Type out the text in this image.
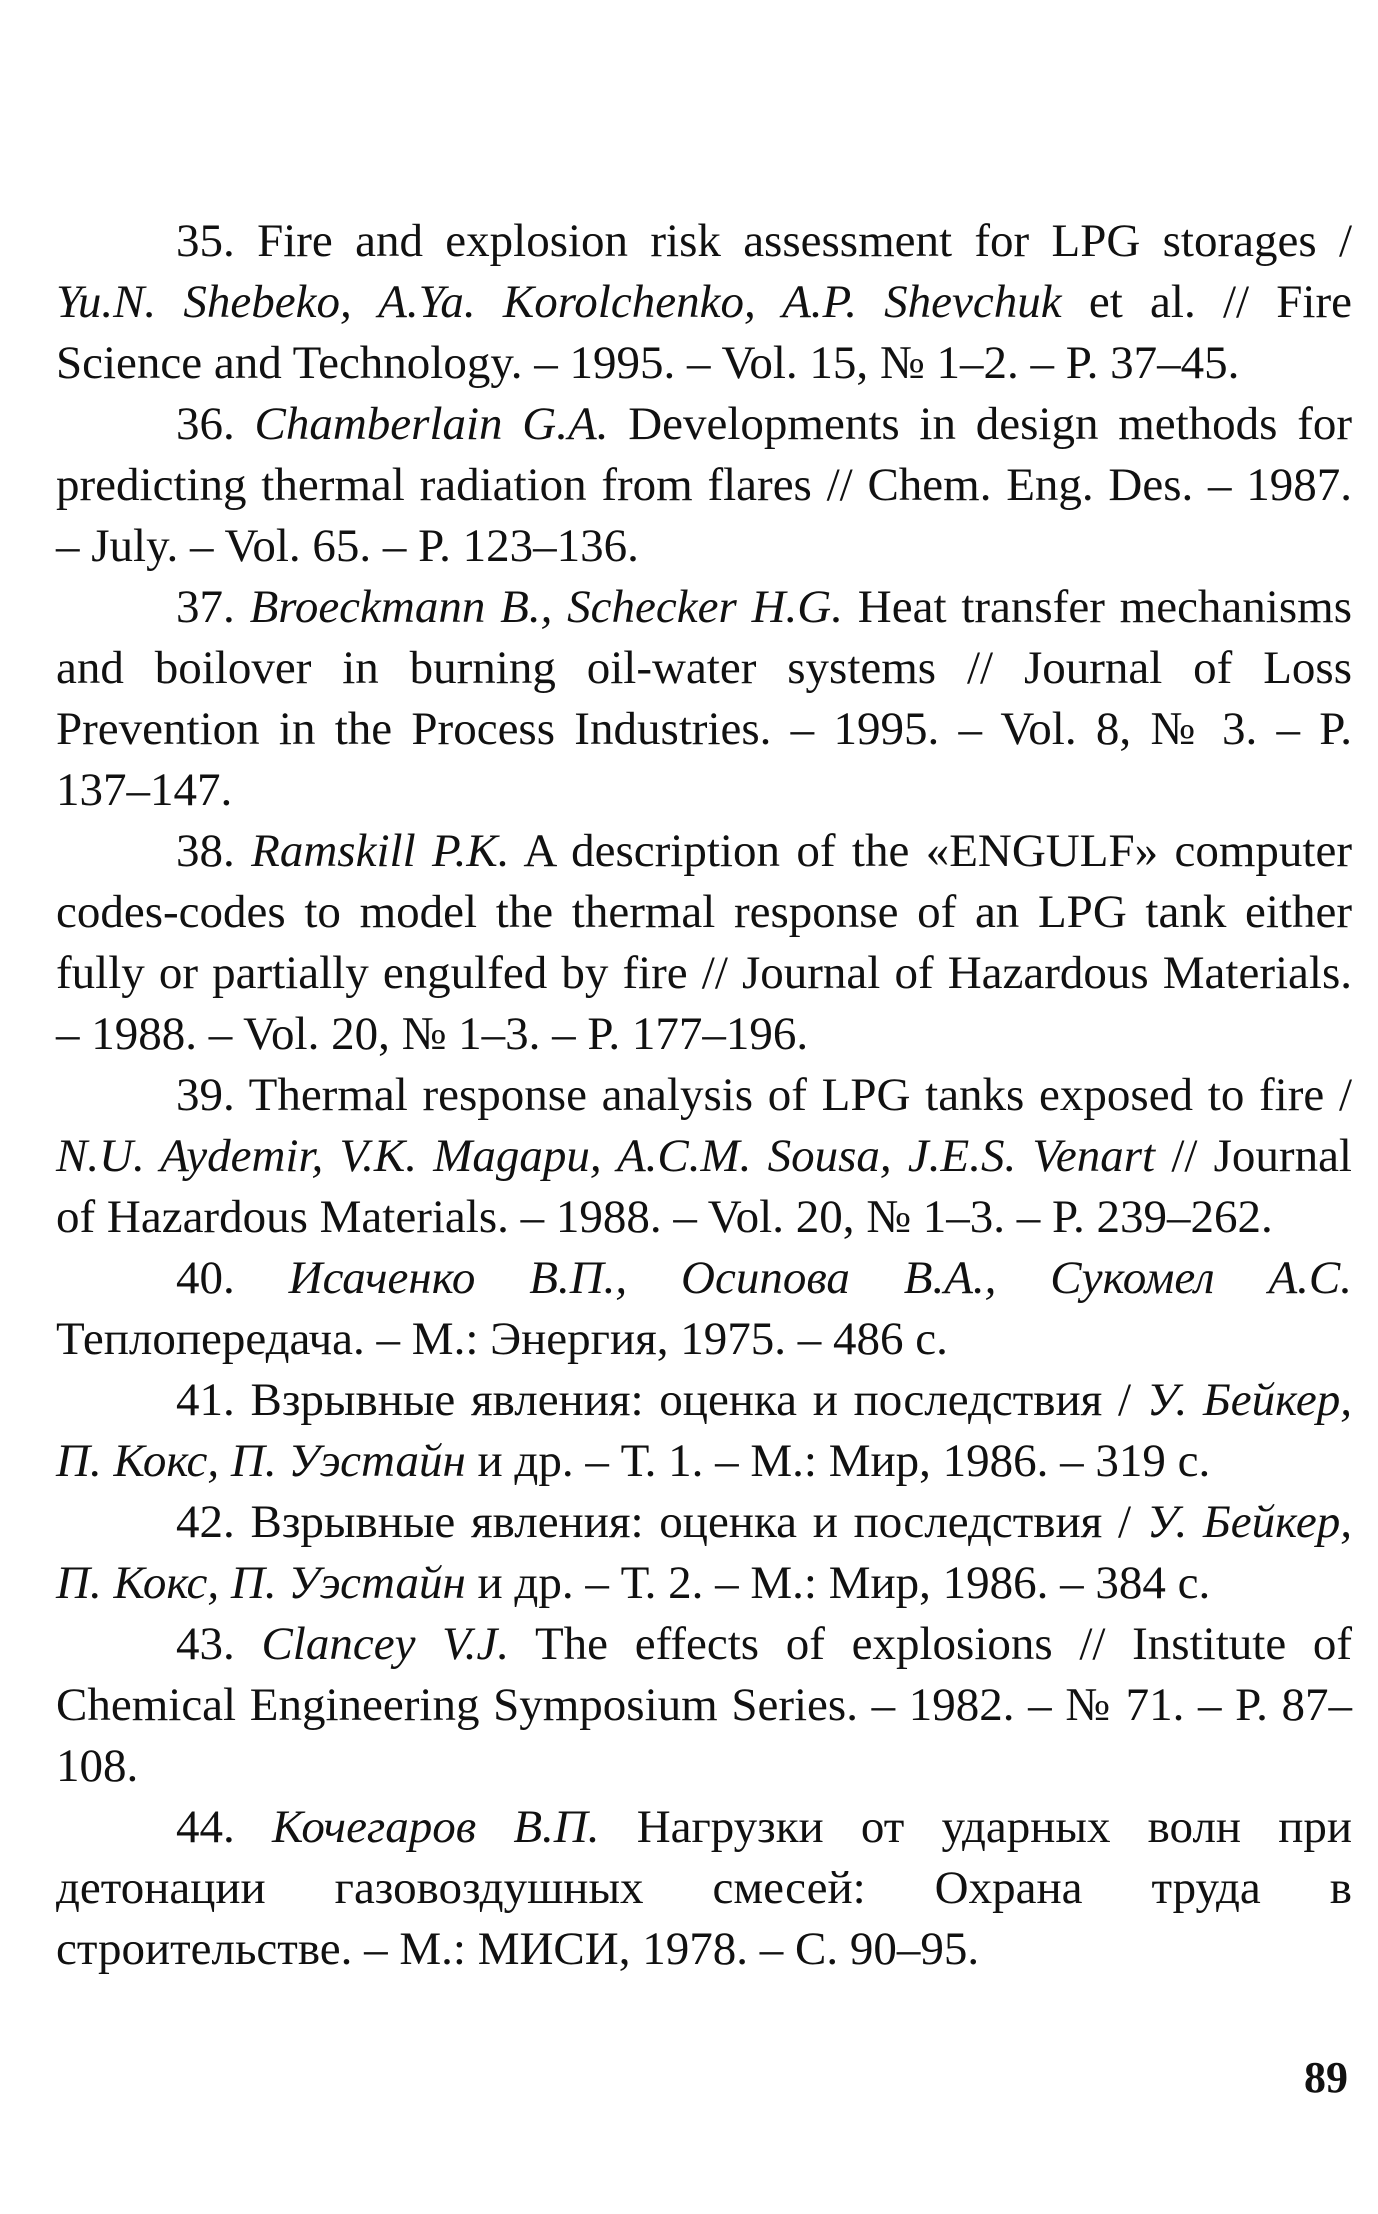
35. Fire and explosion risk assessment for LPG storages / Yu.N. Shebeko, A.Ya. Korolchenko, A.P. Shevchuk et al. // Fire Science and Technology. – 1995. – Vol. 15, № 1–2. – P. 37–45.

36. Chamberlain G.A. Developments in design methods for predicting thermal radiation from flares // Chem. Eng. Des. – 1987. – July. – Vol. 65. – P. 123–136.

37. Broeckmann B., Schecker H.G. Heat transfer mechanisms and boilover in burning oil-water systems // Journal of Loss Prevention in the Process Industries. – 1995. – Vol. 8, № 3. – P. 137–147.

38. Ramskill P.K. A description of the «ENGULF» computer codes-codes to model the thermal response of an LPG tank either fully or partially engulfed by fire // Journal of Hazardous Materials. – 1988. – Vol. 20, № 1–3. – P. 177–196.

39. Thermal response analysis of LPG tanks exposed to fire / N.U. Aydemir, V.K. Magapu, A.C.M. Sousa, J.E.S. Venart // Journal of Hazardous Materials. – 1988. – Vol. 20, № 1–3. – P. 239–262.

40. Исаченко В.П., Осипова В.А., Сукомел А.С. Теплопередача. – М.: Энергия, 1975. – 486 с.

41. Взрывные явления: оценка и последствия / У. Бейкер, П. Кокс, П. Уэстайн и др. – Т. 1. – М.: Мир, 1986. – 319 с.

42. Взрывные явления: оценка и последствия / У. Бейкер, П. Кокс, П. Уэстайн и др. – Т. 2. – М.: Мир, 1986. – 384 с.

43. Clancey V.J. The effects of explosions // Institute of Chemical Engineering Symposium Series. – 1982. – № 71. – P. 87–108.

44. Кочегаров В.П. Нагрузки от ударных волн при детонации газовоздушных смесей: Охрана труда в строительстве. – М.: МИСИ, 1978. – С. 90–95.

89
